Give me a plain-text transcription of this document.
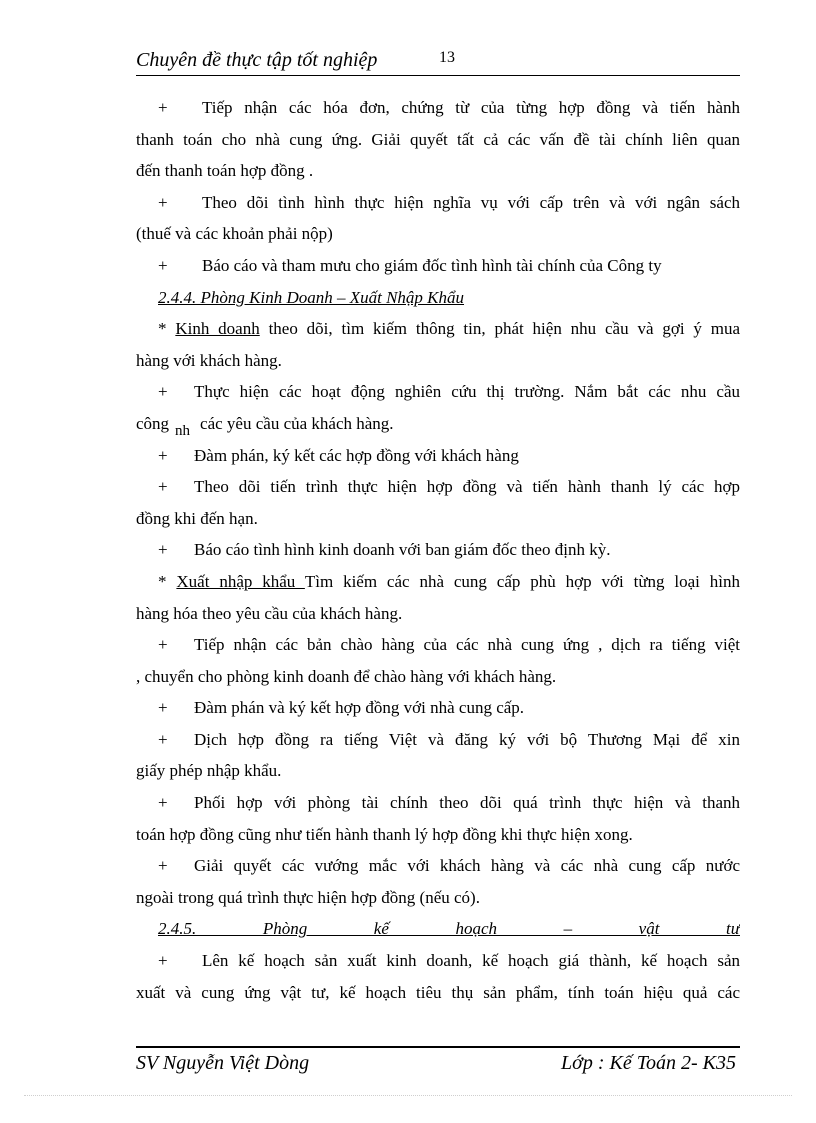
Chuyên đề thực tập tốt nghiệp	13
+ Tiếp nhận các hóa đơn, chứng từ của từng hợp đồng và tiến hành
thanh toán cho nhà cung ứng. Giải quyết tất cả các vấn đề tài chính liên quan
đến thanh toán hợp đồng .
+ Theo dõi tình hình thực hiện nghĩa vụ với cấp trên và với ngân sách
(thuế và các khoản phải nộp)
+ Báo cáo và tham mưu cho giám đốc tình hình tài chính của Công ty
2.4.4. Phòng Kinh Doanh – Xuất Nhập Khẩu
* Kinh doanh theo dõi, tìm kiếm thông tin, phát hiện nhu cầu và gợi ý mua
hàng với khách hàng.
+ Thực hiện các hoạt động nghiên cứu thị trường. Nắm bắt các nhu cầu
công nh các yêu cầu của khách hàng.
+ Đàm phán, ký kết các hợp đồng với khách hàng
+ Theo dõi tiến trình thực hiện hợp đồng và tiến hành thanh lý các hợp
đồng khi đến hạn.
+ Báo cáo tình hình kinh doanh với ban giám đốc theo định kỳ.
* Xuất nhập khẩu Tìm kiếm các nhà cung cấp phù hợp với từng loại hình
hàng hóa theo yêu cầu của khách hàng.
+ Tiếp nhận các bản chào hàng của các nhà cung ứng , dịch ra tiếng việt
, chuyển cho phòng kinh doanh để chào hàng với khách hàng.
+ Đàm phán và ký kết hợp đồng với nhà cung cấp.
+ Dịch hợp đồng ra tiếng Việt và đăng ký với bộ Thương Mại để xin
giấy phép nhập khẩu.
+ Phối hợp với phòng tài chính theo dõi quá trình thực hiện và thanh
toán hợp đồng cũng như tiến hành thanh lý hợp đồng khi thực hiện xong.
+ Giải quyết các vướng mắc với khách hàng và các nhà cung cấp nước
ngoài trong quá trình thực hiện hợp đồng (nếu có).
2.4.5. Phòng kế hoạch – vật tư
+ Lên kế hoạch sản xuất kinh doanh, kế hoạch giá thành, kế hoạch sản
xuất và cung ứng vật tư, kế hoạch tiêu thụ sản phẩm, tính toán hiệu quả các
SV Nguyễn Việt Dòng	Lớp : Kế Toán 2- K35
